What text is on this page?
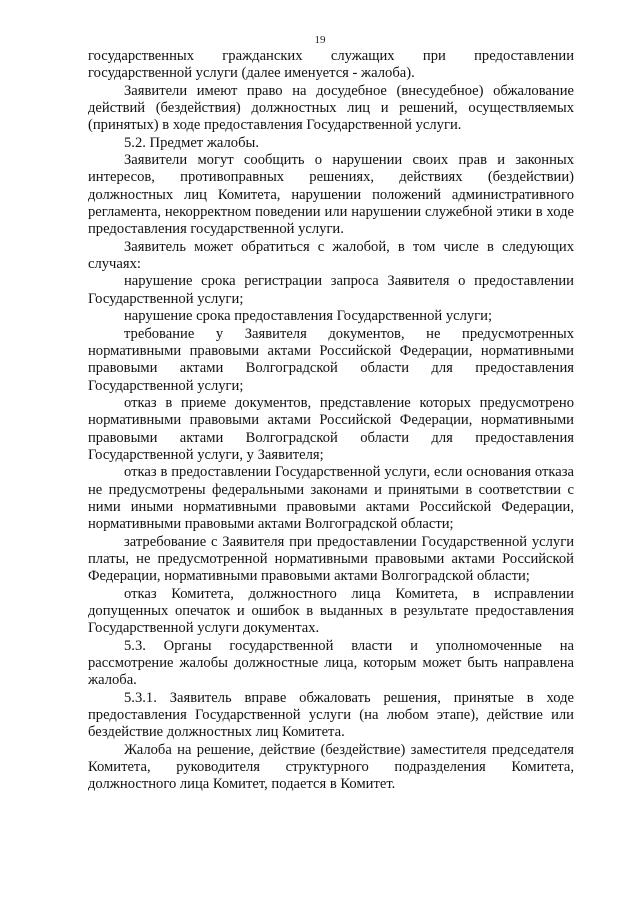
19

государственных гражданских служащих при предоставлении государственной услуги (далее именуется - жалоба).

Заявители имеют право на досудебное (внесудебное) обжалование действий (бездействия) должностных лиц и решений, осуществляемых (принятых) в ходе предоставления Государственной услуги.

5.2. Предмет жалобы.

Заявители могут сообщить о нарушении своих прав и законных интересов, противоправных решениях, действиях (бездействии) должностных лиц Комитета, нарушении положений административного регламента, некорректном поведении или нарушении служебной этики в ходе предоставления государственной услуги.

Заявитель может обратиться с жалобой, в том числе в следующих случаях:

нарушение срока регистрации запроса Заявителя о предоставлении Государственной услуги;

нарушение срока предоставления Государственной услуги;

требование у Заявителя документов, не предусмотренных нормативными правовыми актами Российской Федерации, нормативными правовыми актами Волгоградской области для предоставления Государственной услуги;

отказ в приеме документов, представление которых предусмотрено нормативными правовыми актами Российской Федерации, нормативными правовыми актами Волгоградской области для предоставления Государственной услуги, у Заявителя;

отказ в предоставлении Государственной услуги, если основания отказа не предусмотрены федеральными законами и принятыми в соответствии с ними иными нормативными правовыми актами Российской Федерации, нормативными правовыми актами Волгоградской области;

затребование с Заявителя при предоставлении Государственной услуги платы, не предусмотренной нормативными правовыми актами Российской Федерации, нормативными правовыми актами Волгоградской области;

отказ Комитета, должностного лица Комитета, в исправлении допущенных опечаток и ошибок в выданных в результате предоставления Государственной услуги документах.

5.3. Органы государственной власти и уполномоченные на рассмотрение жалобы должностные лица, которым может быть направлена жалоба.

5.3.1. Заявитель вправе обжаловать решения, принятые в ходе предоставления Государственной услуги (на любом этапе), действие или бездействие должностных лиц Комитета.

Жалоба на решение, действие (бездействие) заместителя председателя Комитета, руководителя структурного подразделения Комитета, должностного лица Комитет, подается в Комитет.
